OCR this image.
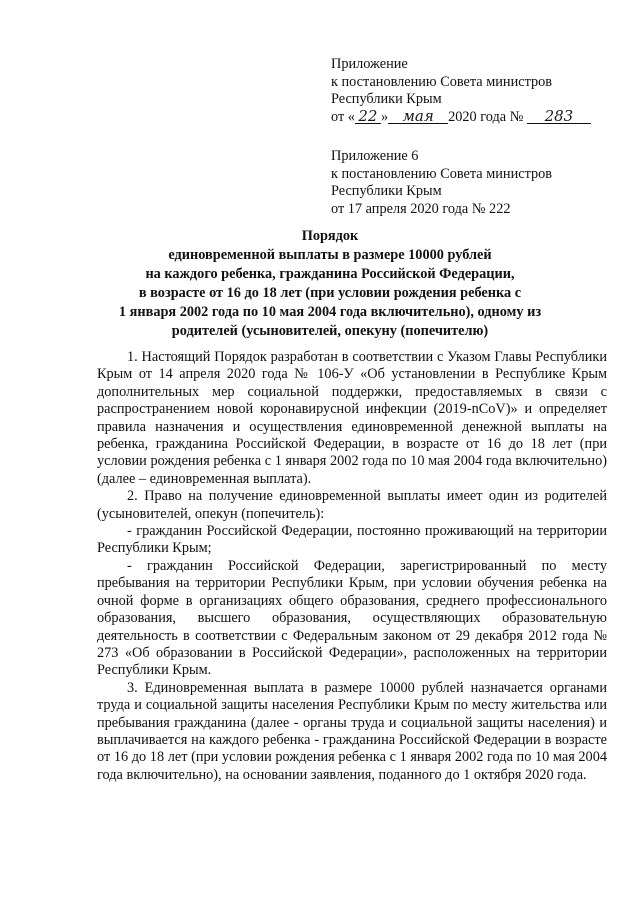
Приложение

к постановлению Совета министров

Республики Крым

от « 22 » мая 2020 года № 283

Приложение 6

к постановлению Совета министров

Республики Крым

от 17 апреля 2020 года № 222

Порядок

единовременной выплаты в размере 10000 рублей

на каждого ребенка, гражданина Российской Федерации,

в возрасте от 16 до 18 лет (при условии рождения ребенка с

1 января 2002 года по 10 мая 2004 года включительно), одному из

родителей (усыновителей, опекуну (попечителю)

1. Настоящий Порядок разработан в соответствии с Указом Главы Республики Крым от 14 апреля 2020 года № 106-У «Об установлении в Республике Крым дополнительных мер социальной поддержки, предоставляемых в связи с распространением новой коронавирусной инфекции (2019-nCoV)» и определяет правила назначения и осуществления единовременной денежной выплаты на ребенка, гражданина Российской Федерации, в возрасте от 16 до 18 лет (при условии рождения ребенка с 1 января 2002 года по 10 мая 2004 года включительно) (далее – единовременная выплата).

2. Право на получение единовременной выплаты имеет один из родителей (усыновителей, опекун (попечитель):

- гражданин Российской Федерации, постоянно проживающий на территории Республики Крым;

- гражданин Российской Федерации, зарегистрированный по месту пребывания на территории Республики Крым, при условии обучения ребенка на очной форме в организациях общего образования, среднего профессионального образования, высшего образования, осуществляющих образовательную деятельность в соответствии с Федеральным законом от 29 декабря 2012 года № 273 «Об образовании в Российской Федерации», расположенных на территории Республики Крым.

3. Единовременная выплата в размере 10000 рублей назначается органами труда и социальной защиты населения Республики Крым по месту жительства или пребывания гражданина (далее - органы труда и социальной защиты населения) и выплачивается на каждого ребенка - гражданина Российской Федерации в возрасте от 16 до 18 лет (при условии рождения ребенка с 1 января 2002 года по 10 мая 2004 года включительно), на основании заявления, поданного до 1 октября 2020 года.
